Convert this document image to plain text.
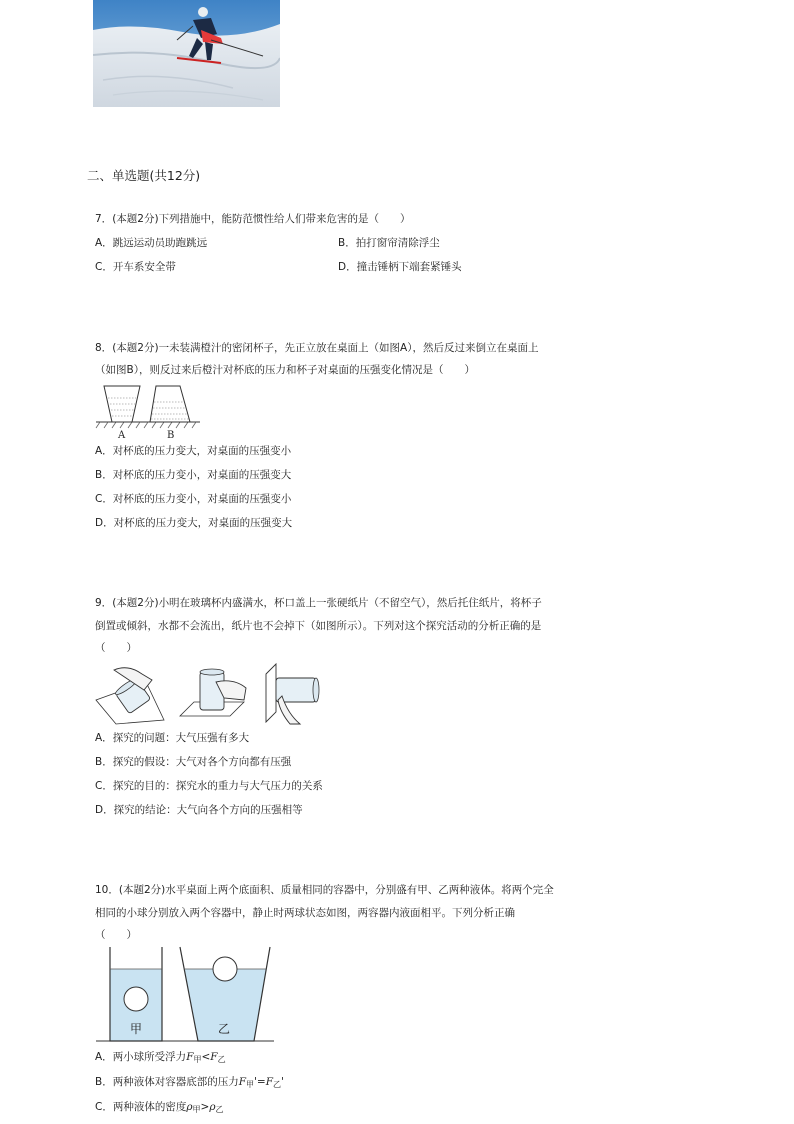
二、单选题(共12分)
7．(本题2分)下列措施中，能防范惯性给人们带来危害的是（　　）
A．跳远运动员助跑跳远	B．拍打窗帘清除浮尘
C．开车系安全带	D．撞击锤柄下端套紧锤头
8．(本题2分)一未装满橙汁的密闭杯子，先正立放在桌面上（如图A），然后反过来倒立在桌面上
（如图B），则反过来后橙汁对杯底的压力和杯子对桌面的压强变化情况是（　　）
A	B
A．对杯底的压力变大，对桌面的压强变小
B．对杯底的压力变小，对桌面的压强变大
C．对杯底的压力变小，对桌面的压强变小
D．对杯底的压力变大，对桌面的压强变大
9．(本题2分)小明在玻璃杯内盛满水，杯口盖上一张硬纸片（不留空气），然后托住纸片，将杯子
倒置或倾斜，水都不会流出，纸片也不会掉下（如图所示）。下列对这个探究活动的分析正确的是
（　　）
A．探究的问题：大气压强有多大
B．探究的假设：大气对各个方向都有压强
C．探究的目的：探究水的重力与大气压力的关系
D．探究的结论：大气向各个方向的压强相等
10．(本题2分)水平桌面上两个底面积、质量相同的容器中，分别盛有甲、乙两种液体。将两个完全
相同的小球分别放入两个容器中，静止时两球状态如图，两容器内液面相平。下列分析正确
（　　）
甲	乙
A．两小球所受浮力$F_甲<F_乙$
B．两种液体对容器底部的压力$F_甲'=F_乙'$
C．两种液体的密度$\rho_甲>\rho_乙$
